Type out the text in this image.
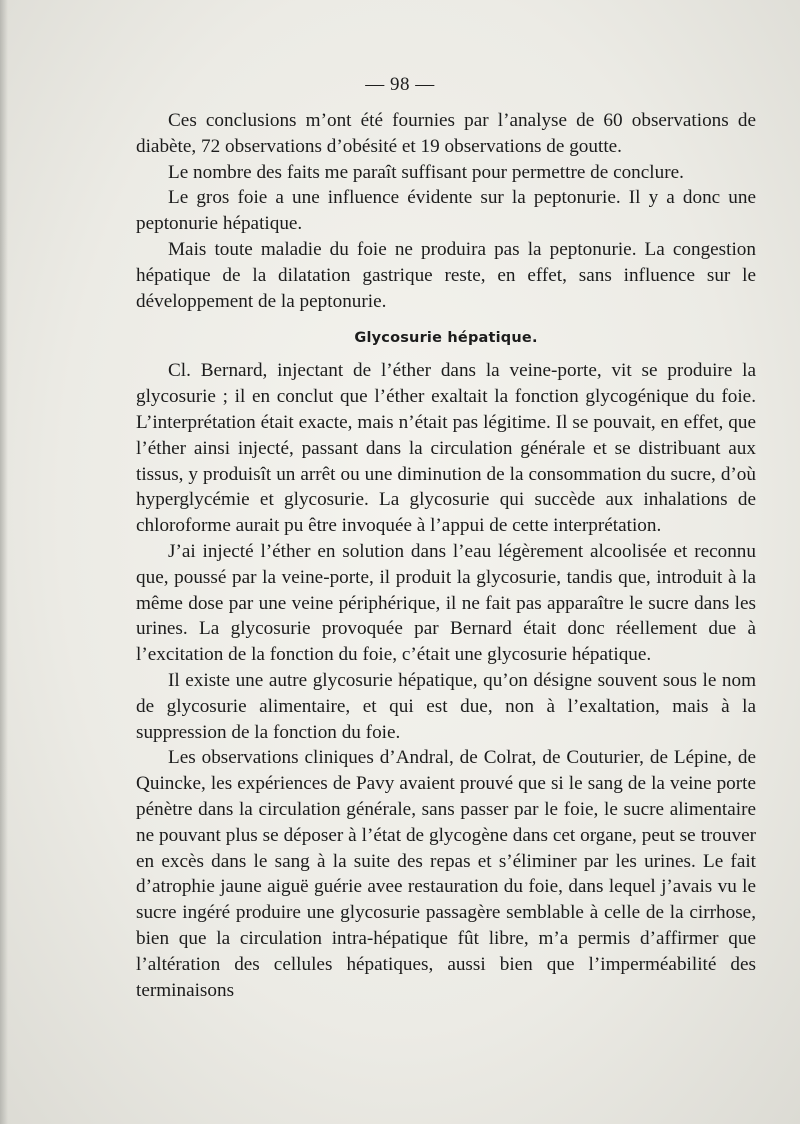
— 98 —

Ces conclusions m’ont été fournies par l’analyse de 60 observations de diabète, 72 observations d’obésité et 19 observations de goutte.

Le nombre des faits me paraît suffisant pour permettre de conclure.

Le gros foie a une influence évidente sur la peptonurie. Il y a donc une peptonurie hépatique.

Mais toute maladie du foie ne produira pas la peptonurie. La congestion hépatique de la dilatation gastrique reste, en effet, sans influence sur le développement de la peptonurie.

Glycosurie hépatique.

Cl. Bernard, injectant de l’éther dans la veine-porte, vit se produire la glycosurie ; il en conclut que l’éther exaltait la fonction glycogénique du foie. L’interprétation était exacte, mais n’était pas légitime. Il se pouvait, en effet, que l’éther ainsi injecté, passant dans la circulation générale et se distribuant aux tissus, y produisît un arrêt ou une diminution de la consommation du sucre, d’où hyperglycémie et glycosurie. La glycosurie qui succède aux inhalations de chloroforme aurait pu être invoquée à l’appui de cette interprétation.

J’ai injecté l’éther en solution dans l’eau légèrement alcoolisée et reconnu que, poussé par la veine-porte, il produit la glycosurie, tandis que, introduit à la même dose par une veine périphérique, il ne fait pas apparaître le sucre dans les urines. La glycosurie provoquée par Bernard était donc réellement due à l’excitation de la fonction du foie, c’était une glycosurie hépatique.

Il existe une autre glycosurie hépatique, qu’on désigne souvent sous le nom de glycosurie alimentaire, et qui est due, non à l’exaltation, mais à la suppression de la fonction du foie.

Les observations cliniques d’Andral, de Colrat, de Couturier, de Lépine, de Quincke, les expériences de Pavy avaient prouvé que si le sang de la veine porte pénètre dans la circulation générale, sans passer par le foie, le sucre alimentaire ne pouvant plus se déposer à l’état de glycogène dans cet organe, peut se trouver en excès dans le sang à la suite des repas et s’éliminer par les urines. Le fait d’atrophie jaune aiguë guérie avee restauration du foie, dans lequel j’avais vu le sucre ingéré produire une glycosurie passagère semblable à celle de la cirrhose, bien que la circulation intra-hépatique fût libre, m’a permis d’affirmer que l’altération des cellules hépatiques, aussi bien que l’imperméabilité des terminaisons
